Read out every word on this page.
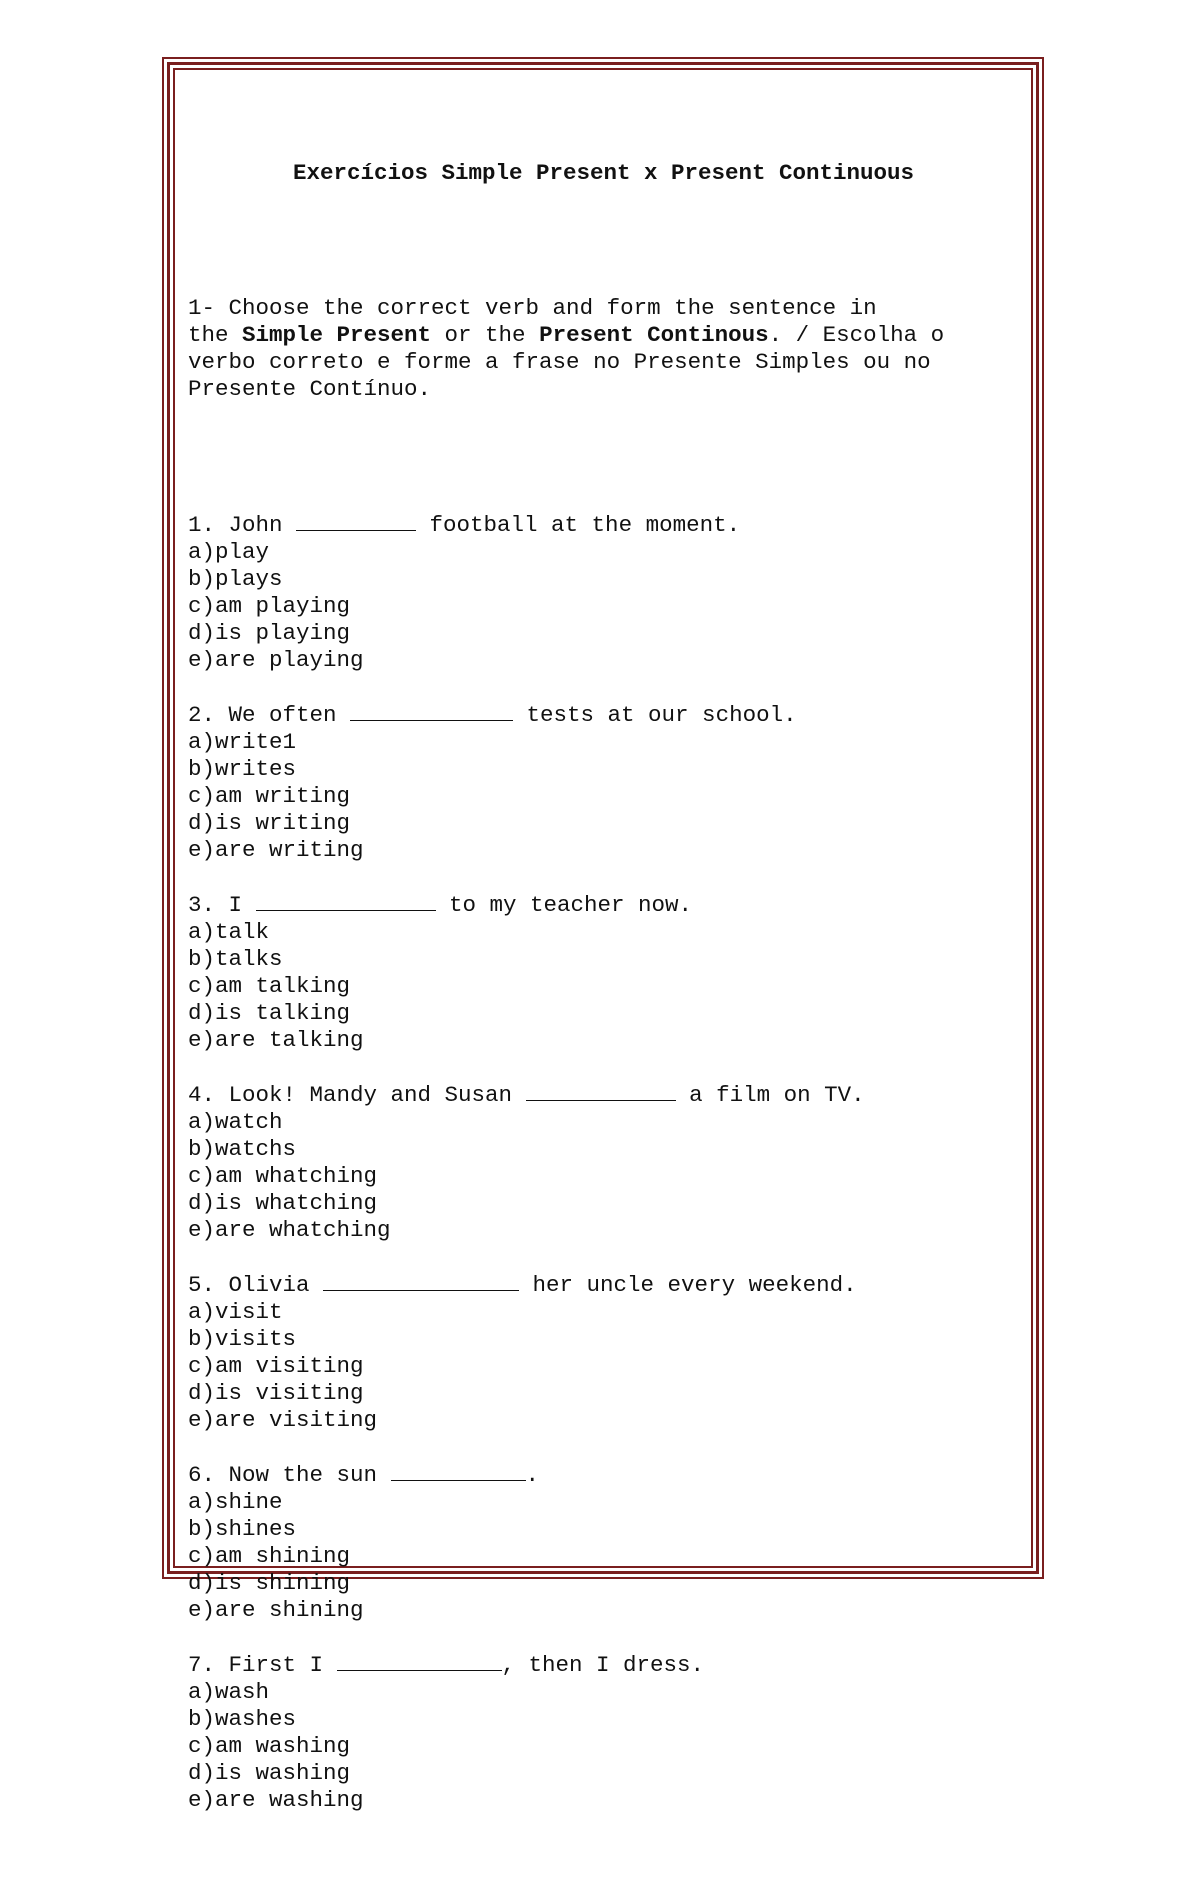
Exercícios Simple Present x Present Continuous

1- Choose the correct verb and form the sentence in
the Simple Present or the Present Continous. / Escolha o
verbo correto e forme a frase no Presente Simples ou no
Presente Contínuo.

1. John	football at the moment.
a)play
b)plays
c)am playing
d)is playing
e)are playing
2. We often	tests at our school.
a)write1
b)writes
c)am writing
d)is writing
e)are writing
3. I	to my teacher now.
a)talk
b)talks
c)am talking
d)is talking
e)are talking
4. Look! Mandy and Susan	a film on TV.
a)watch
b)watchs
c)am whatching
d)is whatching
e)are whatching
5. Olivia	her uncle every weekend.
a)visit
b)visits
c)am visiting
d)is visiting
e)are visiting
6. Now the sun	.
a)shine
b)shines
c)am shining
d)is shining
e)are shining
7. First I	, then I dress.
a)wash
b)washes
c)am washing
d)is washing
e)are washing
